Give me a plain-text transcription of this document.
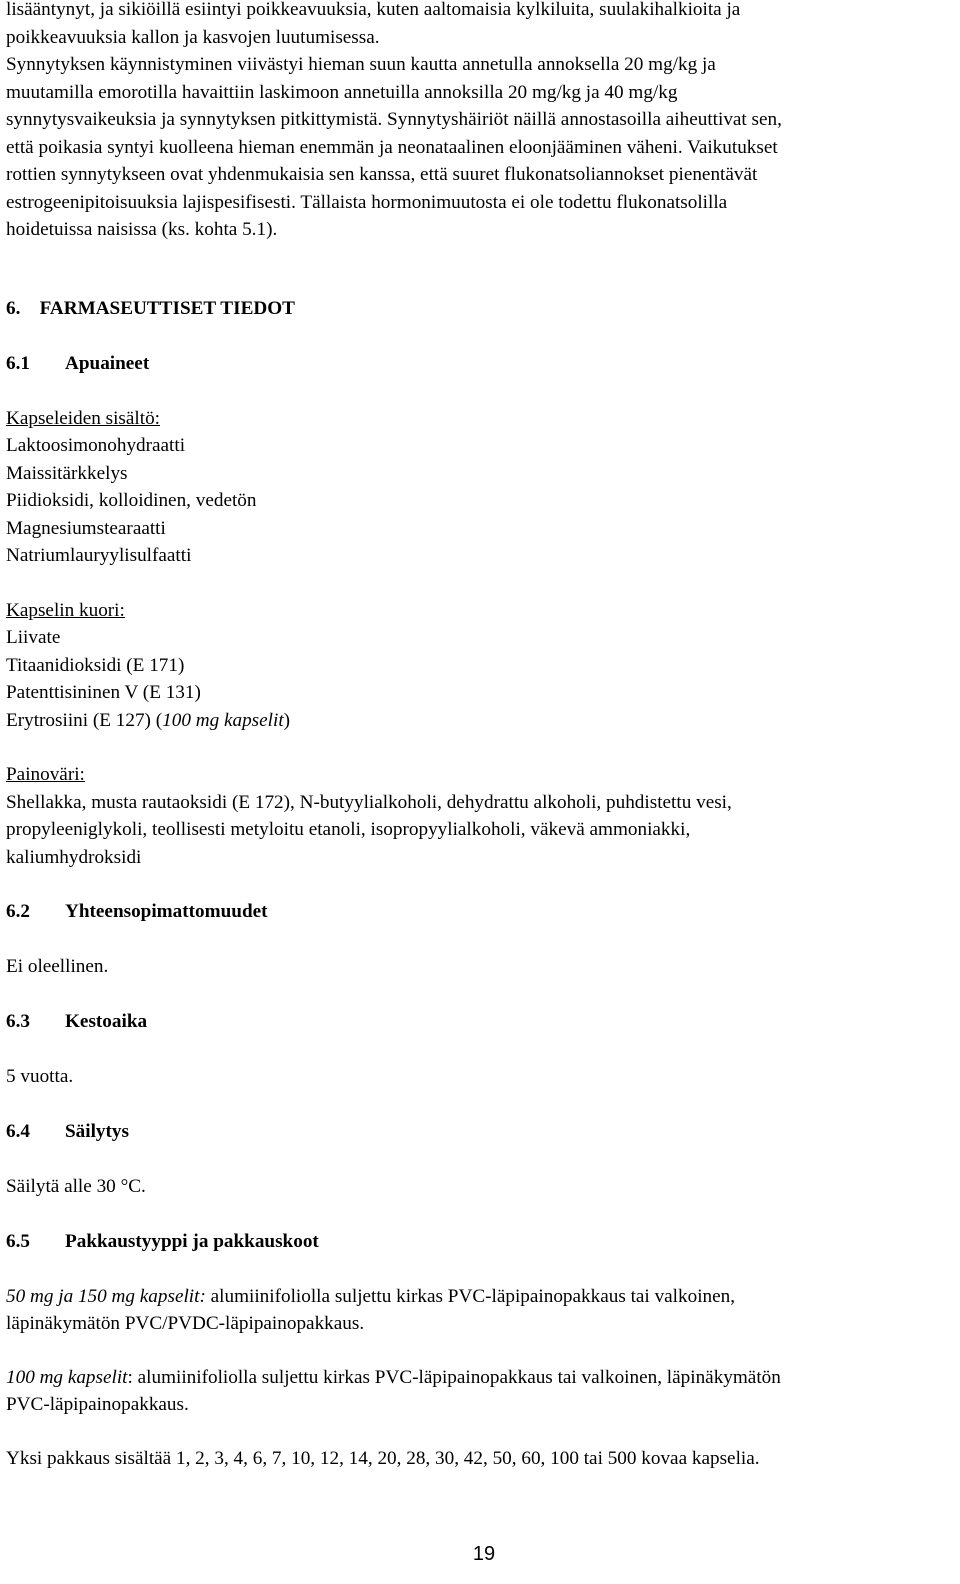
lisääntynyt, ja sikiöillä esiintyi poikkeavuuksia, kuten aaltomaisia kylkiluita, suulakihalkioita ja

poikkeavuuksia kallon ja kasvojen luutumisessa.

Synnytyksen käynnistyminen viivästyi hieman suun kautta annetulla annoksella 20 mg/kg ja

muutamilla emorotilla havaittiin laskimoon annetuilla annoksilla 20 mg/kg ja 40 mg/kg

synnytysvaikeuksia ja synnytyksen pitkittymistä. Synnytyshäiriöt näillä annostasoilla aiheuttivat sen,

että poikasia syntyi kuolleena hieman enemmän ja neonataalinen eloonjääminen väheni. Vaikutukset

rottien synnytykseen ovat yhdenmukaisia sen kanssa, että suuret flukonatsoliannokset pienentävät

estrogeenipitoisuuksia lajispesifisesti. Tällaista hormonimuutosta ei ole todettu flukonatsolilla

hoidetuissa naisissa (ks. kohta 5.1).

6.    FARMASEUTTISET TIEDOT

6.1 Apuaineet

Kapseleiden sisältö:

Laktoosimonohydraatti

Maissitärkkelys

Piidioksidi, kolloidinen, vedetön

Magnesiumstearaatti

Natriumlauryylisulfaatti

Kapselin kuori:

Liivate

Titaanidioksidi (E 171)

Patenttisininen V (E 131)

Erytrosiini (E 127) (100 mg kapselit)

Painoväri:

Shellakka, musta rautaoksidi (E 172), N-butyylialkoholi, dehydrattu alkoholi, puhdistettu vesi,

propyleeniglykoli, teollisesti metyloitu etanoli, isopropyylialkoholi, väkevä ammoniakki,

kaliumhydroksidi

6.2 Yhteensopimattomuudet

Ei oleellinen.

6.3 Kestoaika

5 vuotta.

6.4 Säilytys

Säilytä alle 30 °C.

6.5 Pakkaustyyppi ja pakkauskoot

50 mg ja 150 mg kapselit: alumiinifoliolla suljettu kirkas PVC-läpipainopakkaus tai valkoinen,

läpinäkymätön PVC/PVDC-läpipainopakkaus.

100 mg kapselit: alumiinifoliolla suljettu kirkas PVC-läpipainopakkaus tai valkoinen, läpinäkymätön

PVC-läpipainopakkaus.

Yksi pakkaus sisältää 1, 2, 3, 4, 6, 7, 10, 12, 14, 20, 28, 30, 42, 50, 60, 100 tai 500 kovaa kapselia.

19
